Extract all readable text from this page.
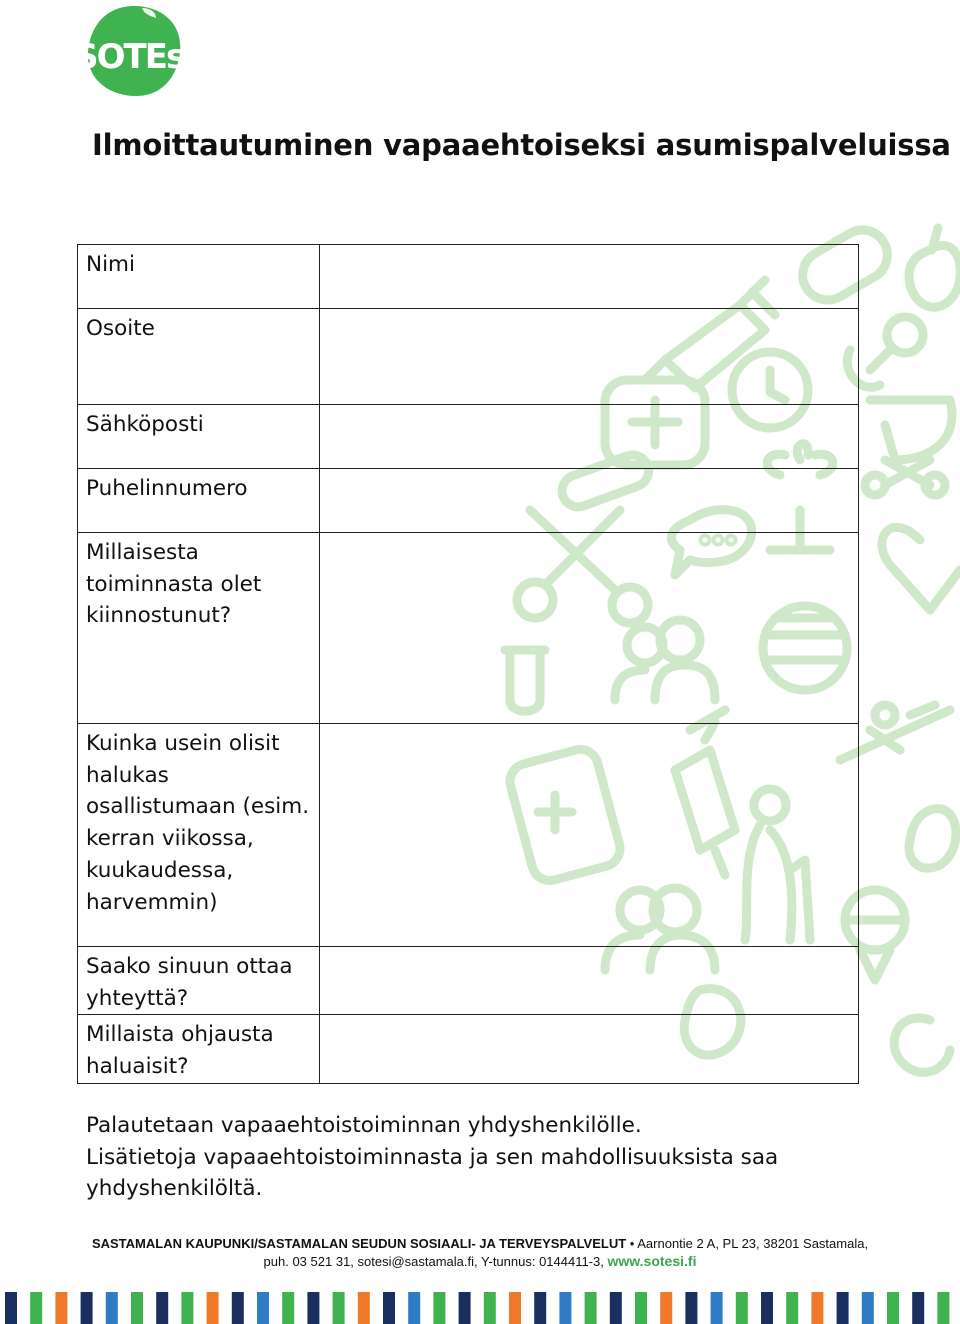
SOTEsi
Ilmoittautuminen vapaaehtoiseksi asumispalveluissa
Nimi	
Osoite	
Sähköposti	
Puhelinnumero	
Millaisesta toiminnasta olet kiinnostunut?	
Kuinka usein olisit halukas osallistumaan (esim. kerran viikossa, kuukaudessa, harvemmin)	
Saako sinuun ottaa yhteyttä?	
Millaista ohjausta haluaisit?	
Palautetaan vapaaehtoistoiminnan yhdyshenkilölle.
Lisätietoja vapaaehtoistoiminnasta ja sen mahdollisuuksista saa yhdyshenkilöltä.
SASTAMALAN KAUPUNKI/SASTAMALAN SEUDUN SOSIAALI- JA TERVEYSPALVELUT • Aarnontie 2 A, PL 23, 38201 Sastamala,
puh. 03 521 31, sotesi@sastamala.fi, Y-tunnus: 0144411-3, www.sotesi.fi
